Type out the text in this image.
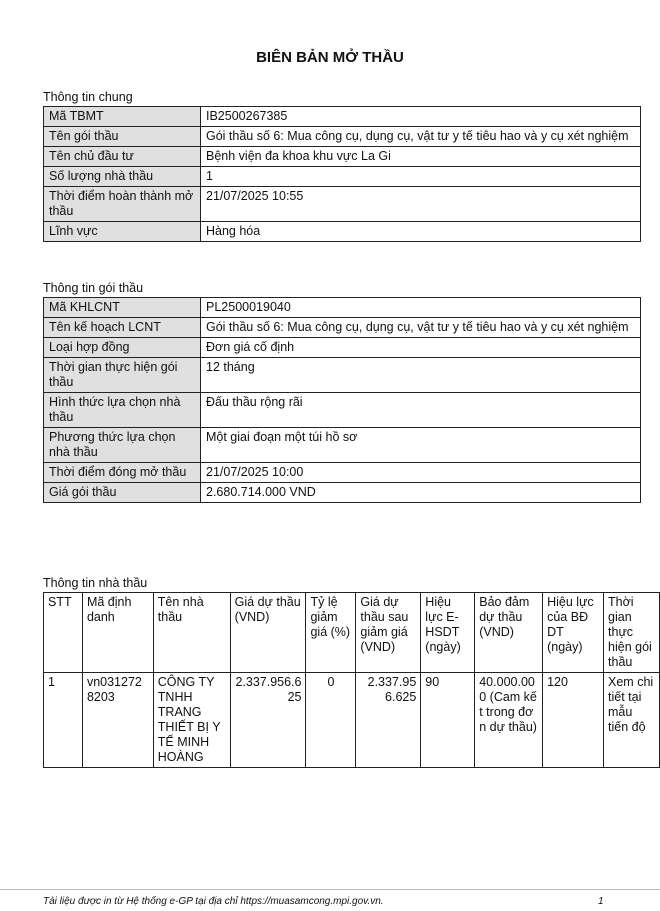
BIÊN BẢN MỞ THẦU
Thông tin chung
Mã TBMT	IB2500267385
Tên gói thầu	Gói thầu số 6: Mua công cụ, dụng cụ, vật tư y tế tiêu hao và y cụ xét nghiệm
Tên chủ đầu tư	Bệnh viện đa khoa khu vực La Gi
Số lượng nhà thầu	1
Thời điểm hoàn thành mở thầu	21/07/2025 10:55
Lĩnh vực	Hàng hóa
Thông tin gói thầu
Mã KHLCNT	PL2500019040
Tên kế hoạch LCNT	Gói thầu số 6: Mua công cụ, dụng cụ, vật tư y tế tiêu hao và y cụ xét nghiệm
Loại hợp đồng	Đơn giá cố định
Thời gian thực hiện gói thầu	12 tháng
Hình thức lựa chọn nhà thầu	Đấu thầu rộng rãi
Phương thức lựa chọn nhà thầu	Một giai đoạn một túi hồ sơ
Thời điểm đóng mở thầu	21/07/2025 10:00
Giá gói thầu	2.680.714.000 VND
Thông tin nhà thầu
STT	Mã định danh	Tên nhà thầu	Giá dự thầu (VND)	Tỷ lệ giảm giá (%)	Giá dự thầu sau giảm giá (VND)	Hiệu lực E-HSDT (ngày)	Bảo đảm dự thầu (VND)	Hiệu lực của BĐ DT (ngày)	Thời gian thực hiện gói thầu
1	vn0312728203	CÔNG TY TNHH TRANG THIẾT BỊ Y TẾ MINH HOÀNG	2.337.956.625	0	2.337.956.625	90	40.000.000 (Cam kết trong đơn dự thầu)	120	Xem chi tiết tại mẫu tiến độ
Tài liệu được in từ Hệ thống e-GP tại địa chỉ https://muasamcong.mpi.gov.vn.	1
